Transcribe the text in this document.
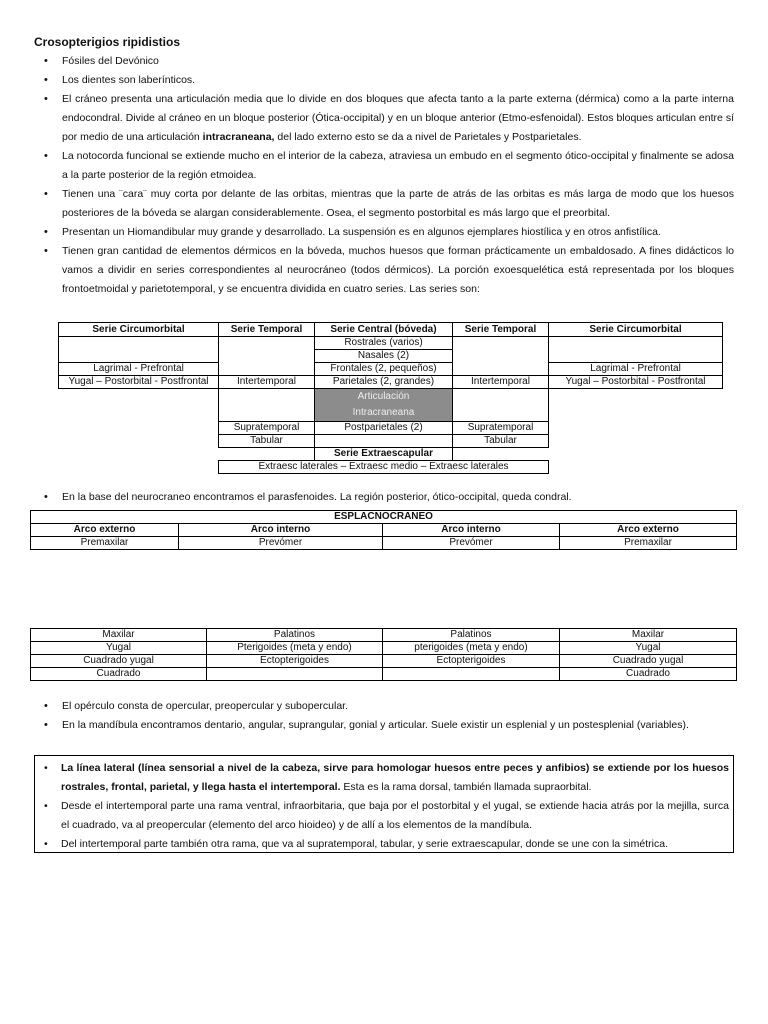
Crosopterigios ripidistios
• Fósiles del Devónico
• Los dientes son laberínticos.
• El cráneo presenta una articulación media que lo divide en dos bloques que afecta tanto a la parte externa (dérmica) como a la parte interna endocondral. Divide al cráneo en un bloque posterior (Ótica-occipital) y en un bloque anterior (Etmo-esfenoidal). Estos bloques articulan entre sí por medio de una articulación intracraneana, del lado externo esto se da a nivel de Parietales y Postparietales.
• La notocorda funcional se extiende mucho en el interior de la cabeza, atraviesa un embudo en el segmento ótico-occipital y finalmente se adosa a la parte posterior de la región etmoidea.
• Tienen una ¨cara¨ muy corta por delante de las orbitas, mientras que la parte de atrás de las orbitas es más larga de modo que los huesos posteriores de la bóveda se alargan considerablemente. Osea, el segmento postorbital es más largo que el preorbital.
• Presentan un Hiomandibular muy grande y desarrollado. La suspensión es en algunos ejemplares hiostílica y en otros anfistílica.
• Tienen gran cantidad de elementos dérmicos en la bóveda, muchos huesos que forman prácticamente un embaldosado. A fines didácticos lo vamos a dividir en series correspondientes al neurocráneo (todos dérmicos). La porción exoesquelética está representada por los bloques frontoetmoidal y parietotemporal, y se encuentra dividida en cuatro series. Las series son:
Serie Circumorbital	Serie Temporal	Serie Central (bóveda)	Serie Temporal	Serie Circumorbital
		Rostrales (varios)		
		Nasales (2)		
Lagrimal - Prefrontal		Frontales (2, pequeños)		Lagrimal - Prefrontal
Yugal – Postorbital - Postfrontal	Intertemporal	Parietales (2, grandes)	Intertemporal	Yugal – Postorbital - Postfrontal

		Articulación
Intracraneana		

	Supratemporal	Postparietales (2)	Supratemporal	
	Tabular		Tabular	
		Serie Extraescapular		
	Extraesc laterales – Extraesc medio – Extraesc laterales			
• En la base del neurocraneo encontramos el parasfenoides. La región posterior, ótico-occipital, queda condral.
ESPLACNOCRANEO			
Arco externo	Arco interno	Arco interno	Arco externo
Premaxilar	Prevómer	Prevómer	Premaxilar
Maxilar	Palatinos	Palatinos	Maxilar
Yugal	Pterigoides (meta y endo)	pterigoides (meta y endo)	Yugal
Cuadrado yugal	Ectopterigoides	Ectopterigoides	Cuadrado yugal
Cuadrado			Cuadrado
• El opérculo consta de opercular, preopercular y subopercular.
• En la mandíbula encontramos dentario, angular, suprangular, gonial y articular. Suele existir un esplenial y un postesplenial (variables).
• La línea lateral (línea sensorial a nivel de la cabeza, sirve para homologar huesos entre peces y anfibios) se extiende por los huesos rostrales, frontal, parietal, y llega hasta el intertemporal. Esta es la rama dorsal, también llamada supraorbital.
• Desde el intertemporal parte una rama ventral, infraorbitaria, que baja por el postorbital y el yugal, se extiende hacia atrás por la mejilla, surca el cuadrado, va al preopercular (elemento del arco hioideo) y de allí a los elementos de la mandíbula.
• Del intertemporal parte también otra rama, que va al supratemporal, tabular, y serie extraescapular, donde se une con la simétrica.
